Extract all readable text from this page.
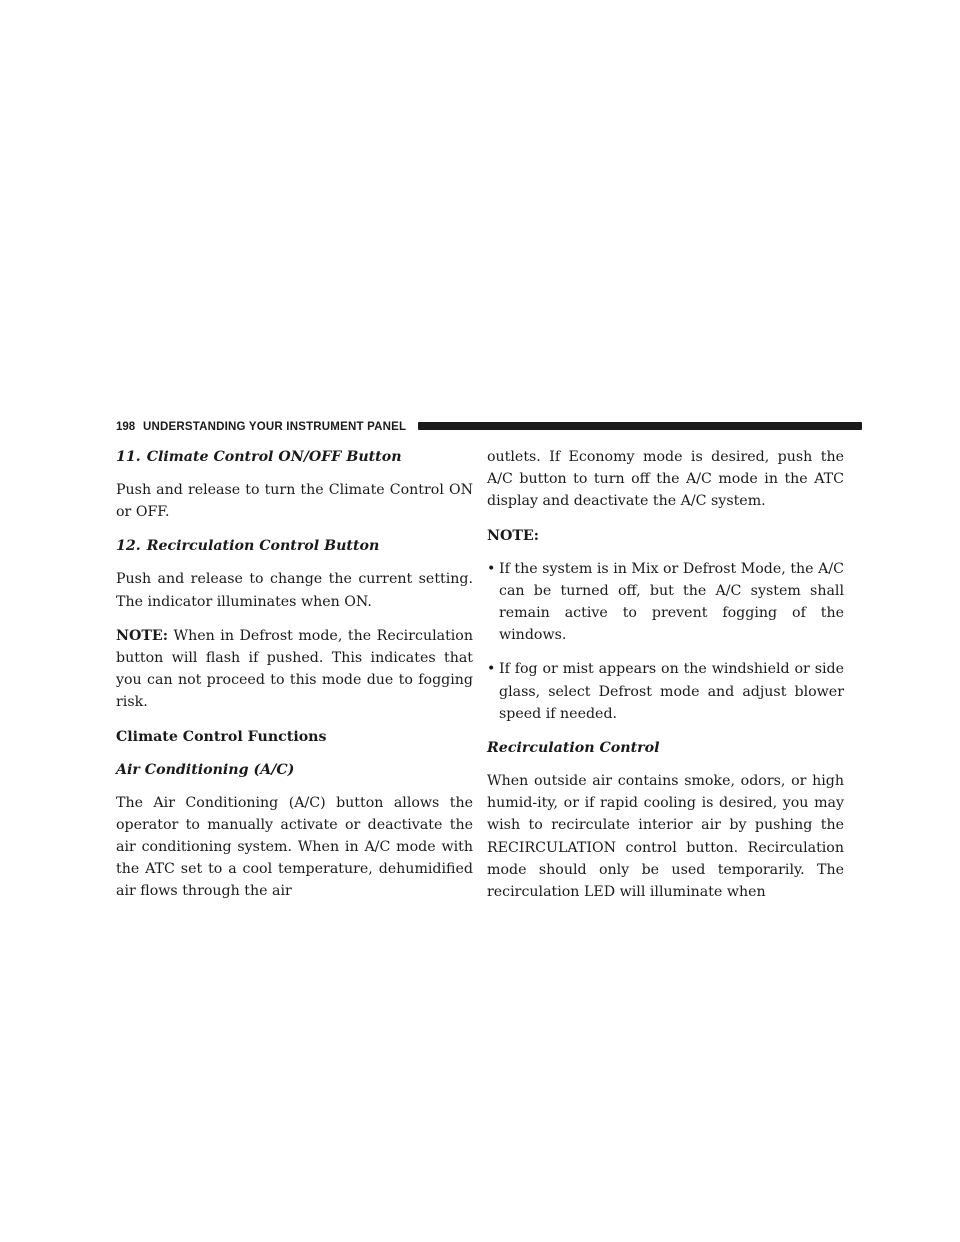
198 UNDERSTANDING YOUR INSTRUMENT PANEL
11. Climate Control ON/OFF Button

Push and release to turn the Climate Control ON or OFF.

12. Recirculation Control Button

Push and release to change the current setting. The indicator illuminates when ON.

NOTE: When in Defrost mode, the Recirculation button will flash if pushed. This indicates that you can not proceed to this mode due to fogging risk.

Climate Control Functions
Air Conditioning (A/C)

The Air Conditioning (A/C) button allows the operator to manually activate or deactivate the air conditioning system. When in A/C mode with the ATC set to a cool temperature, dehumidified air flows through the air

outlets. If Economy mode is desired, push the A/C button to turn off the A/C mode in the ATC display and deactivate the A/C system.

NOTE:
• If the system is in Mix or Defrost Mode, the A/C can be turned off, but the A/C system shall remain active to prevent fogging of the windows.
• If fog or mist appears on the windshield or side glass, select Defrost mode and adjust blower speed if needed.
Recirculation Control

When outside air contains smoke, odors, or high humid-ity, or if rapid cooling is desired, you may wish to recirculate interior air by pushing the RECIRCULATION control button. Recirculation mode should only be used temporarily. The recirculation LED will illuminate when
